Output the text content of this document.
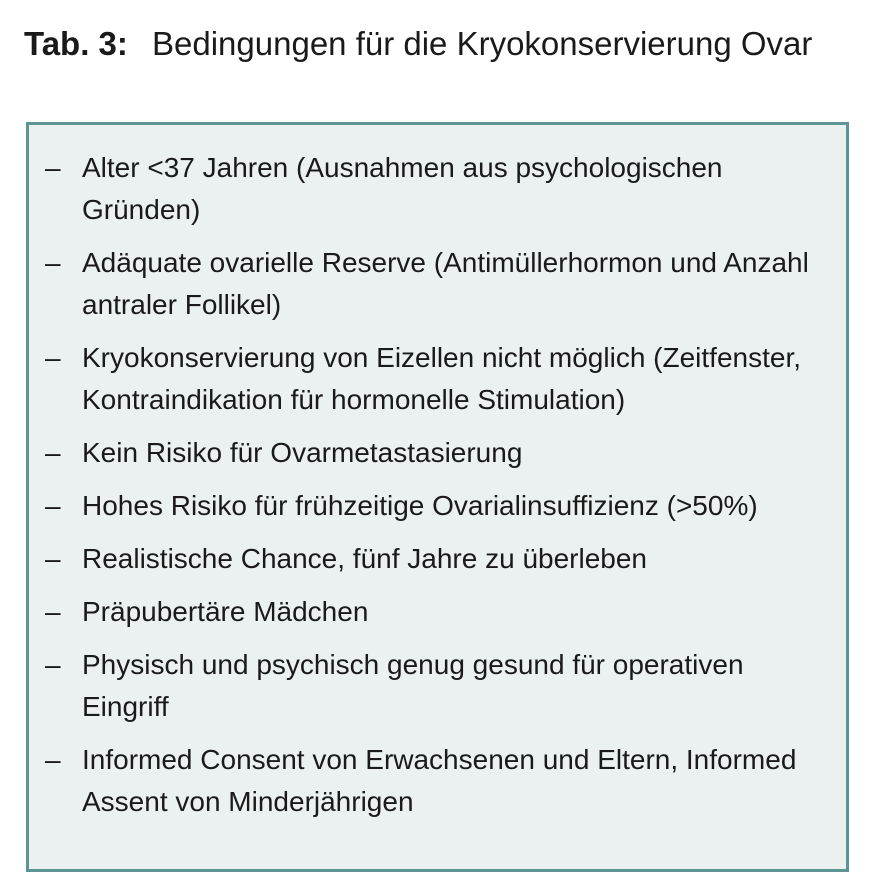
Tab. 3: Bedingungen für die Kryokonservierung Ovar
– Alter <37 Jahren (Ausnahmen aus psychologischen Gründen)
– Adäquate ovarielle Reserve (Antimüllerhormon und Anzahl antraler Follikel)
– Kryokonservierung von Eizellen nicht möglich (Zeitfenster, Kontraindikation für hormonelle Stimulation)
– Kein Risiko für Ovarmetastasierung
– Hohes Risiko für frühzeitige Ovarialinsuffizienz (>50%)
– Realistische Chance, fünf Jahre zu überleben
– Präpubertäre Mädchen
– Physisch und psychisch genug gesund für operativen Eingriff
– Informed Consent von Erwachsenen und Eltern, Informed Assent von Minderjährigen
